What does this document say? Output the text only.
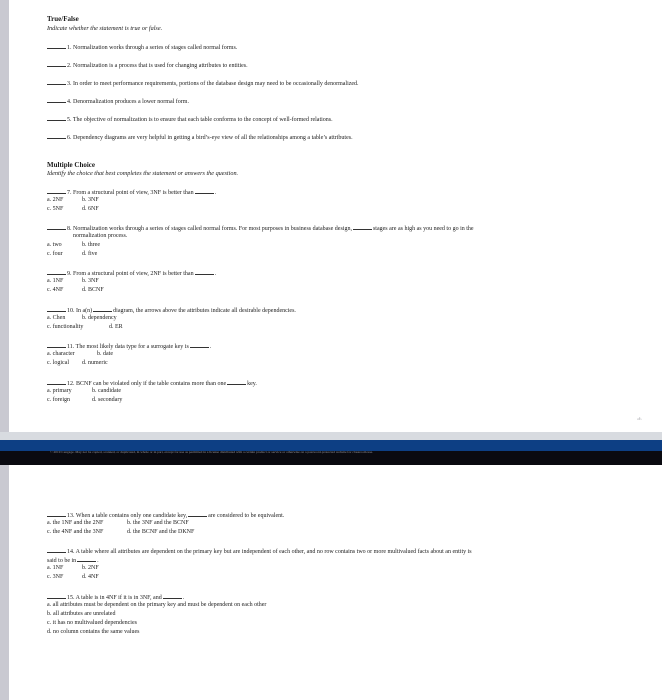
True/False
Indicate whether the statement is true or false.
1. Normalization works through a series of stages called normal forms.
2. Normalization is a process that is used for changing attributes to entities.
3. In order to meet performance requirements, portions of the database design may need to be occasionally denormalized.
4. Denormalization produces a lower normal form.
5. The objective of normalization is to ensure that each table conforms to the concept of well-formed relations.
6. Dependency diagrams are very helpful in getting a bird’s-eye view of all the relationships among a table’s attributes.
Multiple Choice
Identify the choice that best completes the statement or answers the question.
7. From a structural point of view, 3NF is better than	.
a. 2NF	b. 3NF
c. 5NF	d. 6NF
8. Normalization works through a series of stages called normal forms. For most purposes in business database design,	stages are as high as you need to go in the
normalization process.
a. two	b. three
c. four	d. five
9. From a structural point of view, 2NF is better than	.
a. 1NF	b. 3NF
c. 4NF	d. BCNF
10. In a(n)	diagram, the arrows above the attributes indicate all desirable dependencies.
a. Chen	b. dependency
c. functionality	d. ER
11. The most likely data type for a surrogate key is	.
a. character	b. date
c. logical d. numeric
12. BCNF can be violated only if the table contains more than one	key.
a. primary	b. candidate
c. foreign	d. secondary
‹#›
© 2019 Cengage. May not be copied, scanned, or duplicated, in whole or in part, except for use as permitted in a license distributed with a certain product or service or otherwise on a password-protected website for classroom use.
13. When a table contains only one candidate key,	are considered to be equivalent.
a. the 1NF and the 2NF	b. the 3NF and the BCNF
c. the 4NF and the 3NF	d. the BCNF and the DKNF
14. A table where all attributes are dependent on the primary key but are independent of each other, and no row contains two or more multivalued facts about an entity is
said to be in	.
a. 1NF	b. 2NF
c. 3NF	d. 4NF
15. A table is in 4NF if it is in 3NF, and	.
a. all attributes must be dependent on the primary key and must be dependent on each other
b. all attributes are unrelated
c. it has no multivalued dependencies
d. no column contains the same values
